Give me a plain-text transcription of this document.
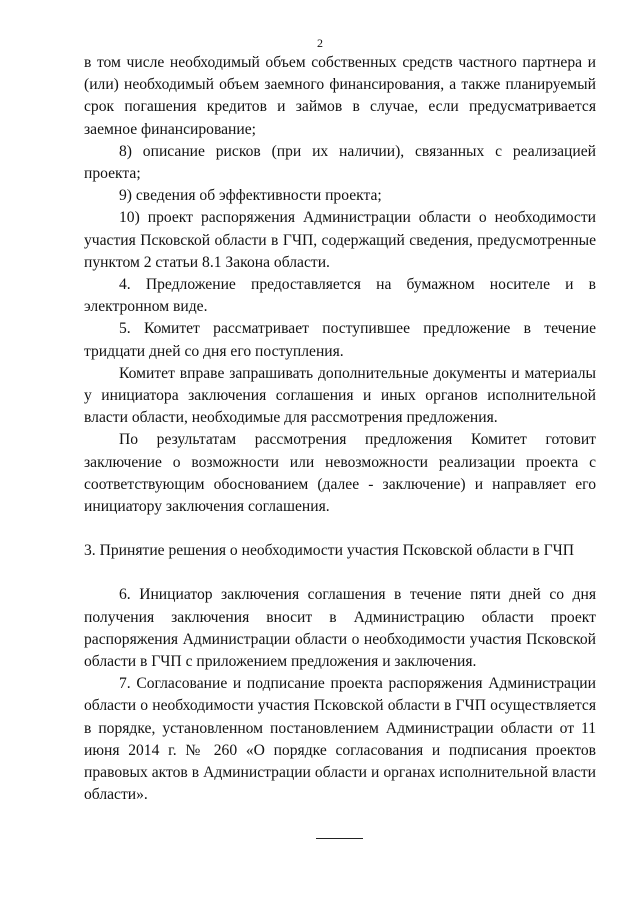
2

в том числе необходимый объем собственных средств частного партнера и (или) необходимый объем заемного финансирования, а также планируемый срок погашения кредитов и займов в случае, если предусматривается заемное финансирование;

8) описание рисков (при их наличии), связанных с реализацией проекта;

9) сведения об эффективности проекта;

10) проект распоряжения Администрации области о необходимости участия Псковской области в ГЧП, содержащий сведения, предусмотренные пунктом 2 статьи 8.1 Закона области.

4. Предложение предоставляется на бумажном носителе и в электронном виде.

5. Комитет рассматривает поступившее предложение в течение тридцати дней со дня его поступления.

Комитет вправе запрашивать дополнительные документы и материалы у инициатора заключения соглашения и иных органов исполнительной власти области, необходимые для рассмотрения предложения.

По результатам рассмотрения предложения Комитет готовит заключение о возможности или невозможности реализации проекта с соответствующим обоснованием (далее - заключение) и направляет его инициатору заключения соглашения.

3. Принятие решения о необходимости участия Псковской области в ГЧП

6. Инициатор заключения соглашения в течение пяти дней со дня получения заключения вносит в Администрацию области проект распоряжения Администрации области о необходимости участия Псковской области в ГЧП с приложением предложения и заключения.

7. Согласование и подписание проекта распоряжения Администрации области о необходимости участия Псковской области в ГЧП осуществляется в порядке, установленном постановлением Администрации области от 11 июня 2014 г. № 260 «О порядке согласования и подписания проектов правовых актов в Администрации области и органах исполнительной власти области».
